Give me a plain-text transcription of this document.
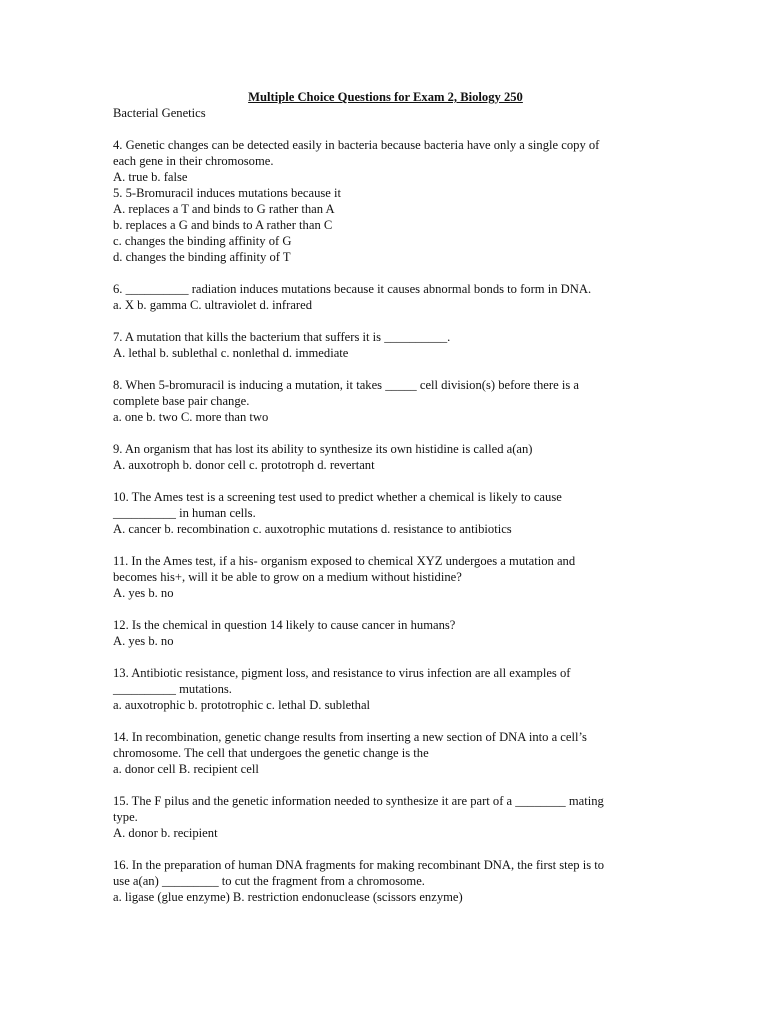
Multiple Choice Questions for Exam 2, Biology 250
Bacterial Genetics
4. Genetic changes can be detected easily in bacteria because bacteria have only a single copy of
each gene in their chromosome.
A. true b. false
5. 5-Bromuracil induces mutations because it
A. replaces a T and binds to G rather than A
b. replaces a G and binds to A rather than C
c. changes the binding affinity of G
d. changes the binding affinity of T
6. __________ radiation induces mutations because it causes abnormal bonds to form in DNA.
a. X b. gamma C. ultraviolet d. infrared
7. A mutation that kills the bacterium that suffers it is __________.
A. lethal b. sublethal c. nonlethal d. immediate
8. When 5-bromuracil is inducing a mutation, it takes _____ cell division(s) before there is a
complete base pair change.
a. one b. two C. more than two
9. An organism that has lost its ability to synthesize its own histidine is called a(an)
A. auxotroph b. donor cell c. prototroph d. revertant
10. The Ames test is a screening test used to predict whether a chemical is likely to cause
__________ in human cells.
A. cancer b. recombination c. auxotrophic mutations d. resistance to antibiotics
11. In the Ames test, if a his- organism exposed to chemical XYZ undergoes a mutation and
becomes his+, will it be able to grow on a medium without histidine?
A. yes b. no
12. Is the chemical in question 14 likely to cause cancer in humans?
A. yes b. no
13. Antibiotic resistance, pigment loss, and resistance to virus infection are all examples of
__________ mutations.
a. auxotrophic b. prototrophic c. lethal D. sublethal
14. In recombination, genetic change results from inserting a new section of DNA into a cell’s
chromosome. The cell that undergoes the genetic change is the
a. donor cell B. recipient cell
15. The F pilus and the genetic information needed to synthesize it are part of a ________ mating
type.
A. donor b. recipient
16. In the preparation of human DNA fragments for making recombinant DNA, the first step is to
use a(an) _________ to cut the fragment from a chromosome.
a. ligase (glue enzyme) B. restriction endonuclease (scissors enzyme)
